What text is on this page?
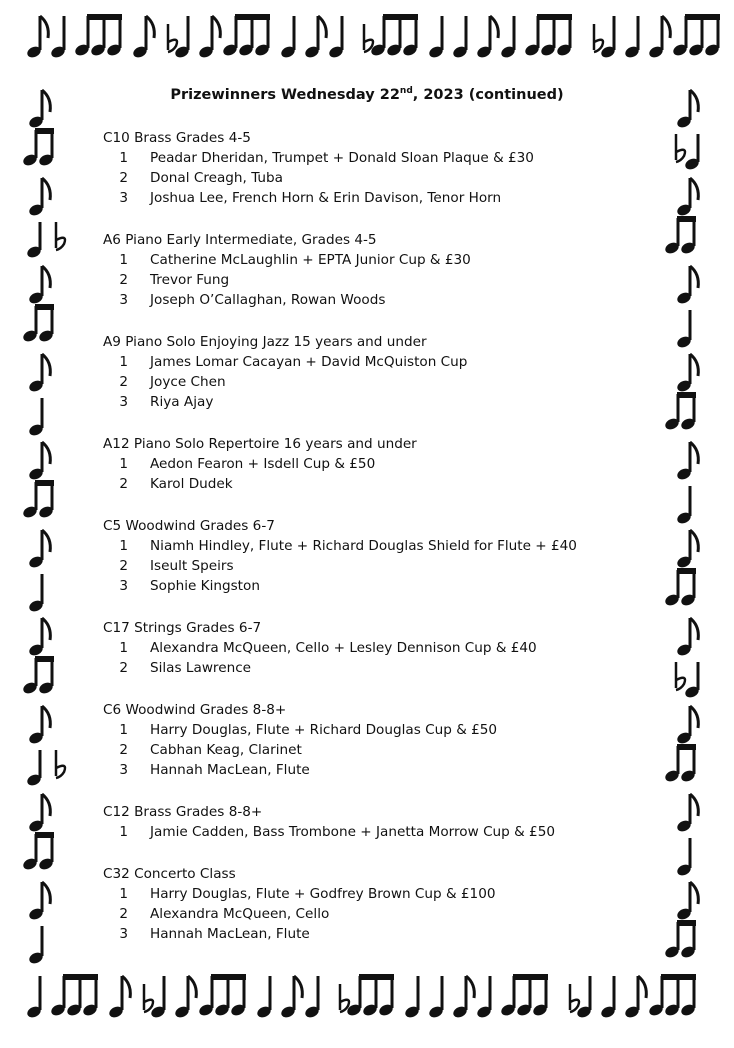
Prizewinners Wednesday 22nd, 2023 (continued)
C10 Brass Grades 4-5
1 Peadar Dheridan, Trumpet + Donald Sloan Plaque & £30
2 Donal Creagh, Tuba
3 Joshua Lee, French Horn & Erin Davison, Tenor Horn
A6 Piano Early Intermediate, Grades 4-5
1 Catherine McLaughlin + EPTA Junior Cup & £30
2 Trevor Fung
3 Joseph O’Callaghan, Rowan Woods
A9 Piano Solo Enjoying Jazz 15 years and under
1 James Lomar Cacayan + David McQuiston Cup
2 Joyce Chen
3 Riya Ajay
A12 Piano Solo Repertoire 16 years and under
1 Aedon Fearon + Isdell Cup & £50
2 Karol Dudek
C5 Woodwind Grades 6-7
1 Niamh Hindley, Flute + Richard Douglas Shield for Flute + £40
2 Iseult Speirs
3 Sophie Kingston
C17 Strings Grades 6-7
1 Alexandra McQueen, Cello + Lesley Dennison Cup & £40
2 Silas Lawrence
C6 Woodwind Grades 8-8+
1 Harry Douglas, Flute + Richard Douglas Cup & £50
2 Cabhan Keag, Clarinet
3 Hannah MacLean, Flute
C12 Brass Grades 8-8+
1 Jamie Cadden, Bass Trombone + Janetta Morrow Cup & £50
C32 Concerto Class
1 Harry Douglas, Flute + Godfrey Brown Cup & £100
2 Alexandra McQueen, Cello
3 Hannah MacLean, Flute
